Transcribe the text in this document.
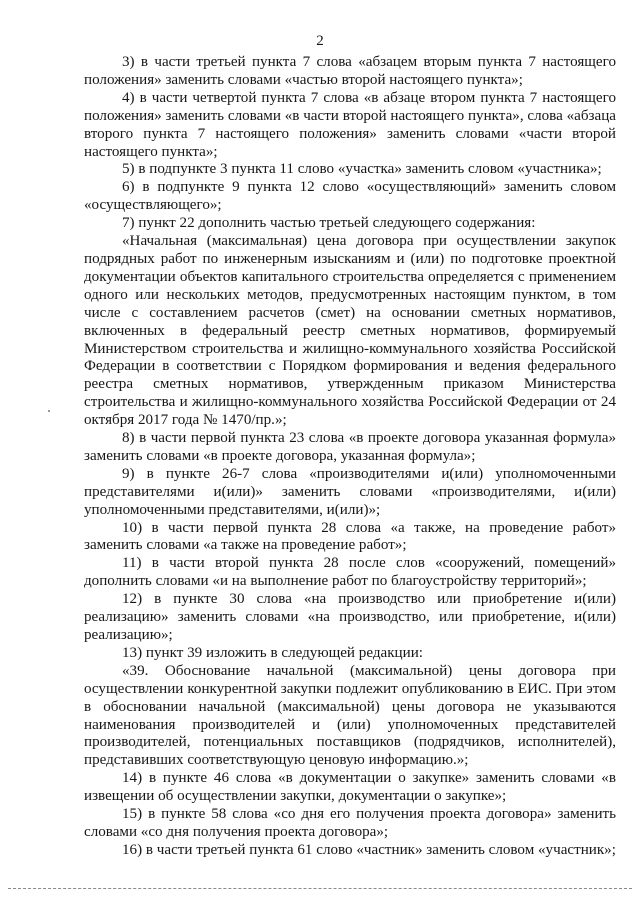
2

3) в части третьей пункта 7 слова «абзацем вторым пункта 7 настоящего положения» заменить словами «частью второй настоящего пункта»;

4) в части четвертой пункта 7 слова «в абзаце втором пункта 7 настоящего положения» заменить словами «в части второй настоящего пункта», слова «абзаца второго пункта 7 настоящего положения» заменить словами «части второй настоящего пункта»;

5) в подпункте 3 пункта 11 слово «участка» заменить словом «участника»;

6) в подпункте 9 пункта 12 слово «осуществляющий» заменить словом «осуществляющего»;

7) пункт 22 дополнить частью третьей следующего содержания:

«Начальная (максимальная) цена договора при осуществлении закупок подрядных работ по инженерным изысканиям и (или) по подготовке проектной документации объектов капитального строительства определяется с применением одного или нескольких методов, предусмотренных настоящим пунктом, в том числе с составлением расчетов (смет) на основании сметных нормативов, включенных в федеральный реестр сметных нормативов, формируемый Министерством строительства и жилищно-коммунального хозяйства Российской Федерации в соответствии с Порядком формирования и ведения федерального реестра сметных нормативов, утвержденным приказом Министерства строительства и жилищно-коммунального хозяйства Российской Федерации от 24 октября 2017 года № 1470/пр.»;

8) в части первой пункта 23 слова «в проекте договора указанная формула» заменить словами «в проекте договора, указанная формула»;

9) в пункте 26-7 слова «производителями и(или) уполномоченными представителями и(или)» заменить словами «производителями, и(или) уполномоченными представителями, и(или)»;

10) в части первой пункта 28 слова «а также, на проведение работ» заменить словами «а также на проведение работ»;

11) в части второй пункта 28 после слов «сооружений, помещений» дополнить словами «и на выполнение работ по благоустройству территорий»;

12) в пункте 30 слова «на производство или приобретение и(или) реализацию» заменить словами «на производство, или приобретение, и(или) реализацию»;

13) пункт 39 изложить в следующей редакции:

«39. Обоснование начальной (максимальной) цены договора при осуществлении конкурентной закупки подлежит опубликованию в ЕИС. При этом в обосновании начальной (максимальной) цены договора не указываются наименования производителей и (или) уполномоченных представителей производителей, потенциальных поставщиков (подрядчиков, исполнителей), представивших соответствующую ценовую информацию.»;

14) в пункте 46 слова «в документации о закупке» заменить словами «в извещении об осуществлении закупки, документации о закупке»;

15) в пункте 58 слова «со дня его получения проекта договора» заменить словами «со дня получения проекта договора»;

16) в части третьей пункта 61 слово «частник» заменить словом «участник»;
